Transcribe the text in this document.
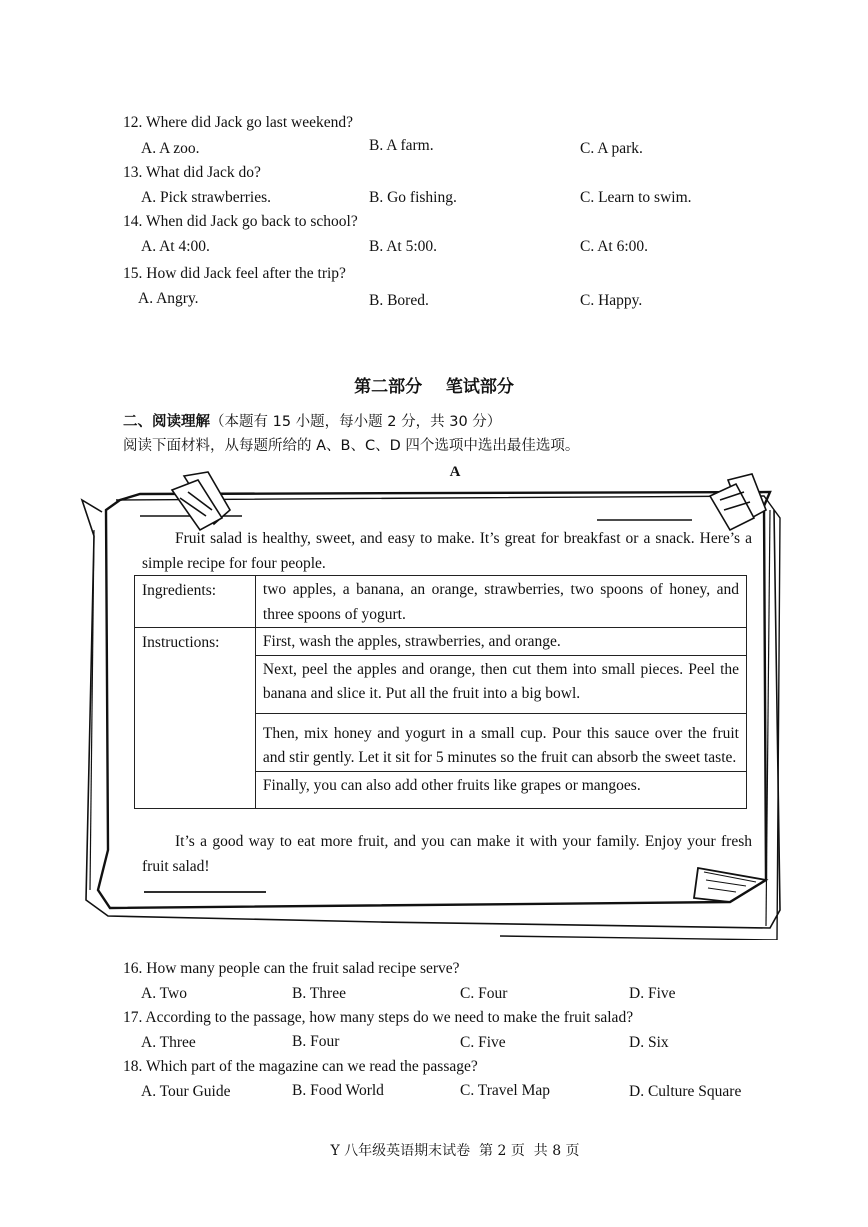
12. Where did Jack go last weekend?
A. A zoo.	B. A farm.	C. A park.
13. What did Jack do?
A. Pick strawberries.	B. Go fishing.	C. Learn to swim.
14. When did Jack go back to school?
A. At 4:00.	B. At 5:00.	C. At 6:00.
15. How did Jack feel after the trip?
A. Angry.	B. Bored.	C. Happy.
第二部分    笔试部分
二、阅读理解（本题有 15 小题，每小题 2 分，共 30 分）
阅读下面材料，从每题所给的 A、B、C、D 四个选项中选出最佳选项。
A
Fruit salad is healthy, sweet, and easy to make. It’s great for breakfast or a snack. Here’s a simple recipe for four people.
Ingredients:	two apples, a banana, an orange, strawberries, two spoons of honey, and three spoons of yogurt.

Instructions:	First, wash the apples, strawberries, and orange.

	Next, peel the apples and orange, then cut them into small pieces. Peel the banana and slice it. Put all the fruit into a big bowl.

	Then, mix honey and yogurt in a small cup. Pour this sauce over the fruit and stir gently. Let it sit for 5 minutes so the fruit can absorb the sweet taste.

	Finally, you can also add other fruits like grapes or mangoes.
It’s a good way to eat more fruit, and you can make it with your family. Enjoy your fresh fruit salad!
16. How many people can the fruit salad recipe serve?
A. Two	B. Three	C. Four	D. Five
17. According to the passage, how many steps do we need to make the fruit salad?
A. Three	B. Four	C. Five	D. Six
18. Which part of the magazine can we read the passage?
A. Tour Guide	B. Food World	C. Travel Map	D. Culture Square
Y 八年级英语期末试卷  第 2 页  共 8 页
